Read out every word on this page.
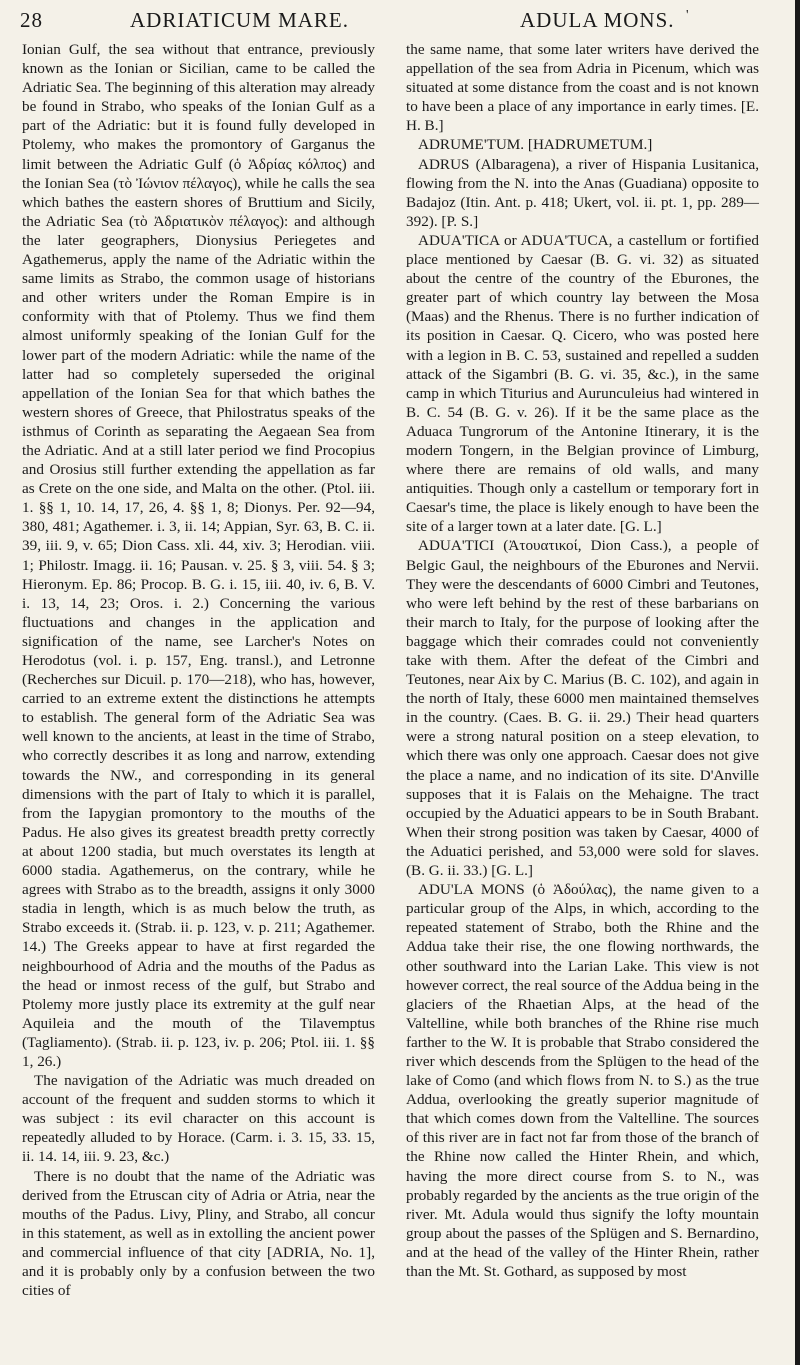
28	ADRIATICUM MARE.	ADULA MONS. '

Ionian Gulf, the sea without that entrance, previously known as the Ionian or Sicilian, came to be called the Adriatic Sea. The beginning of this alteration may already be found in Strabo, who speaks of the Ionian Gulf as a part of the Adriatic: but it is found fully developed in Ptolemy, who makes the promontory of Garganus the limit between the Adriatic Gulf (ὁ Ἀδρίας κόλπος) and the Ionian Sea (τὸ Ἰώνιον πέλαγος), while he calls the sea which bathes the eastern shores of Bruttium and Sicily, the Adriatic Sea (τὸ Ἀδριατικὸν πέλαγος): and although the later geographers, Dionysius Periegetes and Agathemerus, apply the name of the Adriatic within the same limits as Strabo, the common usage of historians and other writers under the Roman Empire is in conformity with that of Ptolemy. Thus we find them almost uniformly speaking of the Ionian Gulf for the lower part of the modern Adriatic: while the name of the latter had so completely superseded the original appellation of the Ionian Sea for that which bathes the western shores of Greece, that Philostratus speaks of the isthmus of Corinth as separating the Aegaean Sea from the Adriatic. And at a still later period we find Procopius and Orosius still further extending the appellation as far as Crete on the one side, and Malta on the other. (Ptol. iii. 1. §§ 1, 10. 14, 17, 26, 4. §§ 1, 8; Dionys. Per. 92—94, 380, 481; Agathemer. i. 3, ii. 14; Appian, Syr. 63, B. C. ii. 39, iii. 9, v. 65; Dion Cass. xli. 44, xiv. 3; Herodian. viii. 1; Philostr. Imagg. ii. 16; Pausan. v. 25. § 3, viii. 54. § 3; Hieronym. Ep. 86; Procop. B. G. i. 15, iii. 40, iv. 6, B. V. i. 13, 14, 23; Oros. i. 2.) Concerning the various fluctuations and changes in the application and signification of the name, see Larcher's Notes on Herodotus (vol. i. p. 157, Eng. transl.), and Letronne (Recherches sur Dicuil. p. 170—218), who has, however, carried to an extreme extent the distinctions he attempts to establish. The general form of the Adriatic Sea was well known to the ancients, at least in the time of Strabo, who correctly describes it as long and narrow, extending towards the NW., and corresponding in its general dimensions with the part of Italy to which it is parallel, from the Iapygian promontory to the mouths of the Padus. He also gives its greatest breadth pretty correctly at about 1200 stadia, but much overstates its length at 6000 stadia. Agathemerus, on the contrary, while he agrees with Strabo as to the breadth, assigns it only 3000 stadia in length, which is as much below the truth, as Strabo exceeds it. (Strab. ii. p. 123, v. p. 211; Agathemer. 14.) The Greeks appear to have at first regarded the neighbourhood of Adria and the mouths of the Padus as the head or inmost recess of the gulf, but Strabo and Ptolemy more justly place its extremity at the gulf near Aquileia and the mouth of the Tilavemptus (Tagliamento). (Strab. ii. p. 123, iv. p. 206; Ptol. iii. 1. §§ 1, 26.)

The navigation of the Adriatic was much dreaded on account of the frequent and sudden storms to which it was subject : its evil character on this account is repeatedly alluded to by Horace. (Carm. i. 3. 15, 33. 15, ii. 14. 14, iii. 9. 23, &c.)

There is no doubt that the name of the Adriatic was derived from the Etruscan city of Adria or Atria, near the mouths of the Padus. Livy, Pliny, and Strabo, all concur in this statement, as well as in extolling the ancient power and commercial influence of that city [ADRIA, No. 1], and it is probably only by a confusion between the two cities of

the same name, that some later writers have derived the appellation of the sea from Adria in Picenum, which was situated at some distance from the coast and is not known to have been a place of any importance in early times. [E. H. B.]

ADRUME'TUM. [HADRUMETUM.]

ADRUS (Albaragena), a river of Hispania Lusitanica, flowing from the N. into the Anas (Guadiana) opposite to Badajoz (Itin. Ant. p. 418; Ukert, vol. ii. pt. 1, pp. 289—392). [P. S.]

ADUA'TICA or ADUA'TUCA, a castellum or fortified place mentioned by Caesar (B. G. vi. 32) as situated about the centre of the country of the Eburones, the greater part of which country lay between the Mosa (Maas) and the Rhenus. There is no further indication of its position in Caesar. Q. Cicero, who was posted here with a legion in B. C. 53, sustained and repelled a sudden attack of the Sigambri (B. G. vi. 35, &c.), in the same camp in which Titurius and Aurunculeius had wintered in B. C. 54 (B. G. v. 26). If it be the same place as the Aduaca Tungrorum of the Antonine Itinerary, it is the modern Tongern, in the Belgian province of Limburg, where there are remains of old walls, and many antiquities. Though only a castellum or temporary fort in Caesar's time, the place is likely enough to have been the site of a larger town at a later date. [G. L.]

ADUA'TICI (Ἀτουατικοί, Dion Cass.), a people of Belgic Gaul, the neighbours of the Eburones and Nervii. They were the descendants of 6000 Cimbri and Teutones, who were left behind by the rest of these barbarians on their march to Italy, for the purpose of looking after the baggage which their comrades could not conveniently take with them. After the defeat of the Cimbri and Teutones, near Aix by C. Marius (B. C. 102), and again in the north of Italy, these 6000 men maintained themselves in the country. (Caes. B. G. ii. 29.) Their head quarters were a strong natural position on a steep elevation, to which there was only one approach. Caesar does not give the place a name, and no indication of its site. D'Anville supposes that it is Falais on the Mehaigne. The tract occupied by the Aduatici appears to be in South Brabant. When their strong position was taken by Caesar, 4000 of the Aduatici perished, and 53,000 were sold for slaves. (B. G. ii. 33.) [G. L.]

ADU'LA MONS (ὁ Ἀδούλας), the name given to a particular group of the Alps, in which, according to the repeated statement of Strabo, both the Rhine and the Addua take their rise, the one flowing northwards, the other southward into the Larian Lake. This view is not however correct, the real source of the Addua being in the glaciers of the Rhaetian Alps, at the head of the Valtelline, while both branches of the Rhine rise much farther to the W. It is probable that Strabo considered the river which descends from the Splügen to the head of the lake of Como (and which flows from N. to S.) as the true Addua, overlooking the greatly superior magnitude of that which comes down from the Valtelline. The sources of this river are in fact not far from those of the branch of the Rhine now called the Hinter Rhein, and which, having the more direct course from S. to N., was probably regarded by the ancients as the true origin of the river. Mt. Adula would thus signify the lofty mountain group about the passes of the Splügen and S. Bernardino, and at the head of the valley of the Hinter Rhein, rather than the Mt. St. Gothard, as supposed by most
